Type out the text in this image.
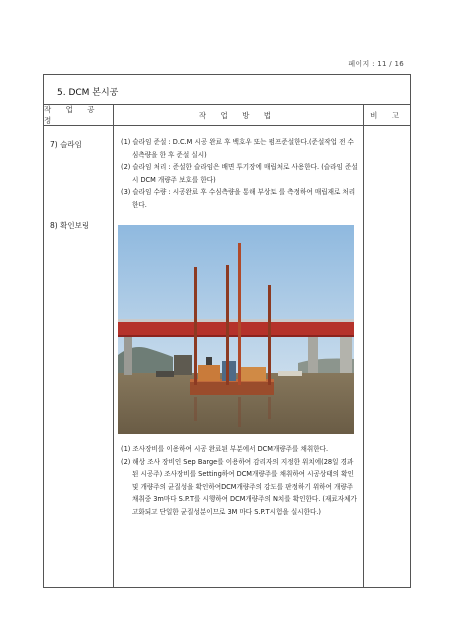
페이지 : 11 / 16
5. DCM 본시공
작 업 공 정
작 업 방 법	비 고
7) 슬라임	(1) 슬라임 준설 : D.C.M 시공 완료 후 백호우 또는 펌프준설한다.(준설작업 전 수심측량을 한 후 준설 실시)

(2) 슬라임 처리 : 준설한 슬라임은 배면 투기장에 매립처로 사용한다. (슬라임 준설시 DCM 개량주 보호를 한다)

(3) 슬라임 수량 : 시공완료 후 수심측량을 통해 부상토 를 측정하여 매립재로 처리한다.

8) 확인보링

(1) 조사장비를 이용하여 시공 완료된 부분에서 DCM개량주를 채취한다.

(2) 해상 조사 장비인 Sep Barge를 이용하여 감리자의 지정한 위치에(28일 경과된 시공주) 조사장비를 Setting하여 DCM개량주를 채취하여 시공상태의 확인 및 개량주의 균질성을 확인하여DCM개량주의 강도를 판정하기 위하여 개량주 채취중 3m마다 S.P.T를 시행하여 DCM개량주의 N치를 확인한다. (재료자체가 고화되고 단일한 균질성분이므로 3M 마다 S.P.T시험을 실시한다.)
